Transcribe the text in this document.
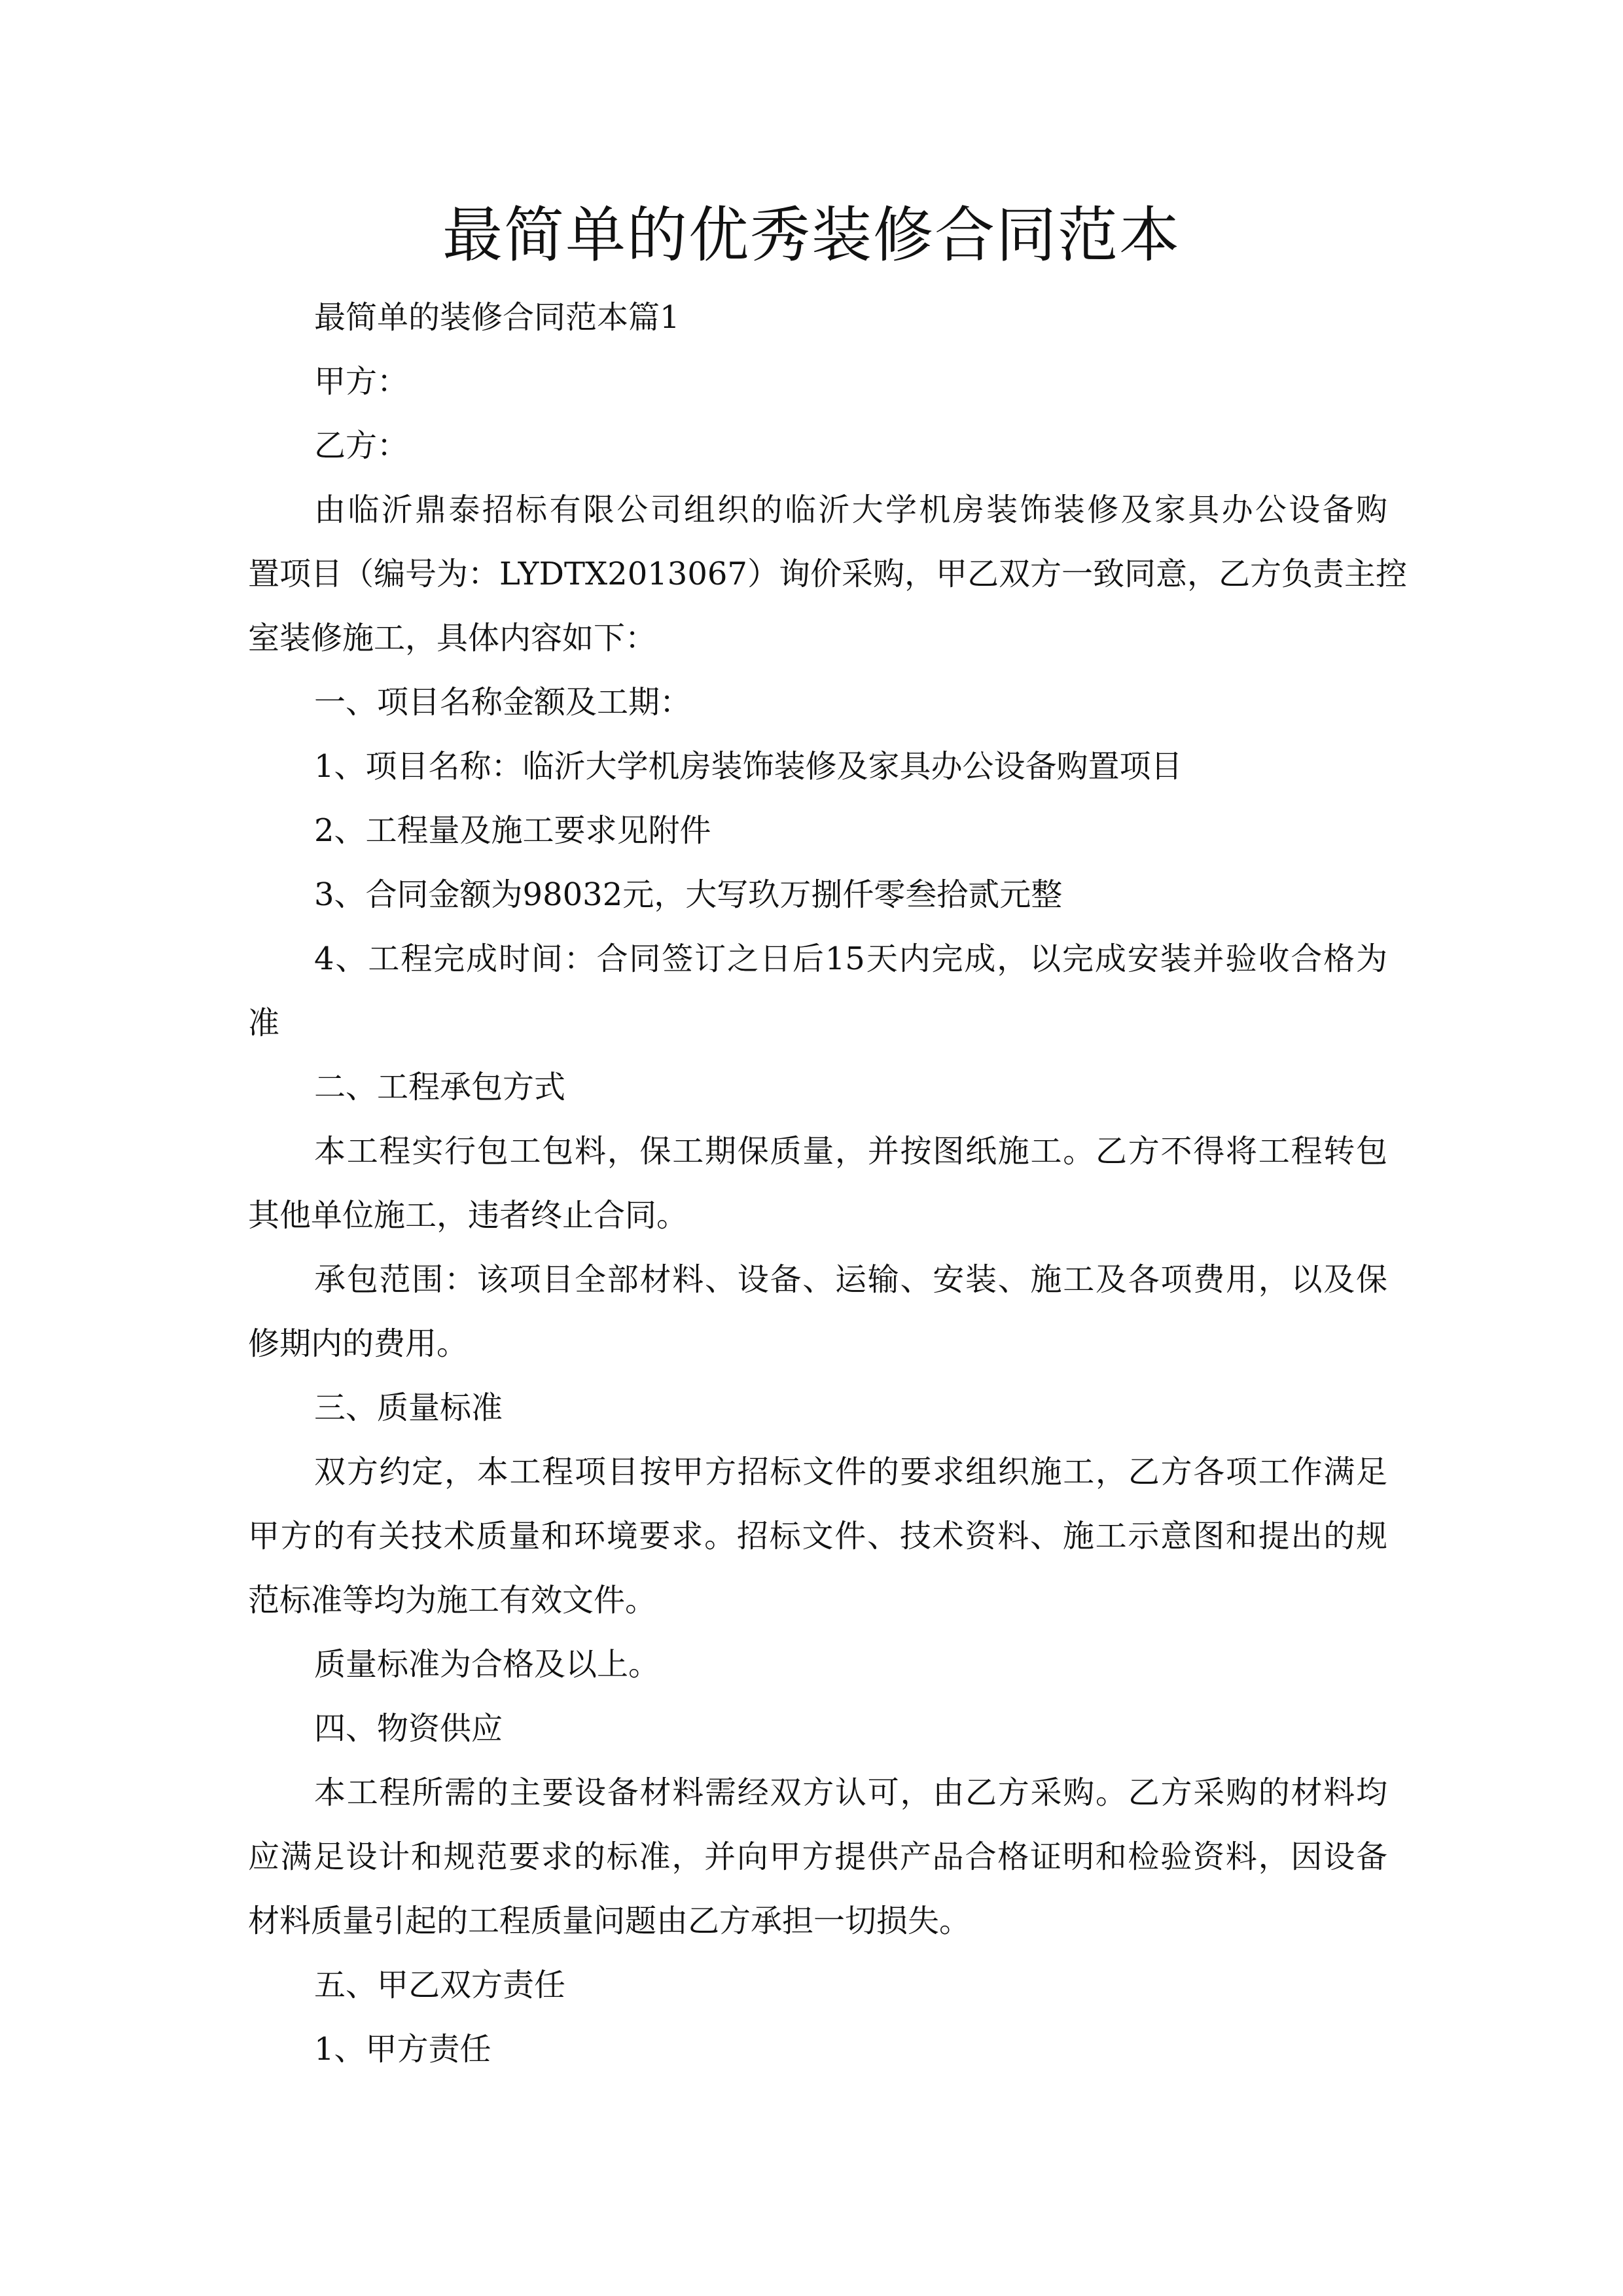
最简单的优秀装修合同范本
最简单的装修合同范本篇1
甲方：
乙方：
由临沂鼎泰招标有限公司组织的临沂大学机房装饰装修及家具办公设备购
置项目（编号为：LYDTX2013067）询价采购，甲乙双方一致同意，乙方负责主控
室装修施工，具体内容如下：
一、项目名称金额及工期：
1、项目名称：临沂大学机房装饰装修及家具办公设备购置项目
2、工程量及施工要求见附件
3、合同金额为98032元，大写玖万捌仟零叁拾贰元整
4、工程完成时间：合同签订之日后15天内完成，以完成安装并验收合格为
准
二、工程承包方式
本工程实行包工包料，保工期保质量，并按图纸施工。乙方不得将工程转包
其他单位施工，违者终止合同。
承包范围：该项目全部材料、设备、运输、安装、施工及各项费用，以及保
修期内的费用。
三、质量标准
双方约定，本工程项目按甲方招标文件的要求组织施工，乙方各项工作满足
甲方的有关技术质量和环境要求。招标文件、技术资料、施工示意图和提出的规
范标准等均为施工有效文件。
质量标准为合格及以上。
四、物资供应
本工程所需的主要设备材料需经双方认可，由乙方采购。乙方采购的材料均
应满足设计和规范要求的标准，并向甲方提供产品合格证明和检验资料，因设备
材料质量引起的工程质量问题由乙方承担一切损失。
五、甲乙双方责任
1、甲方责任
